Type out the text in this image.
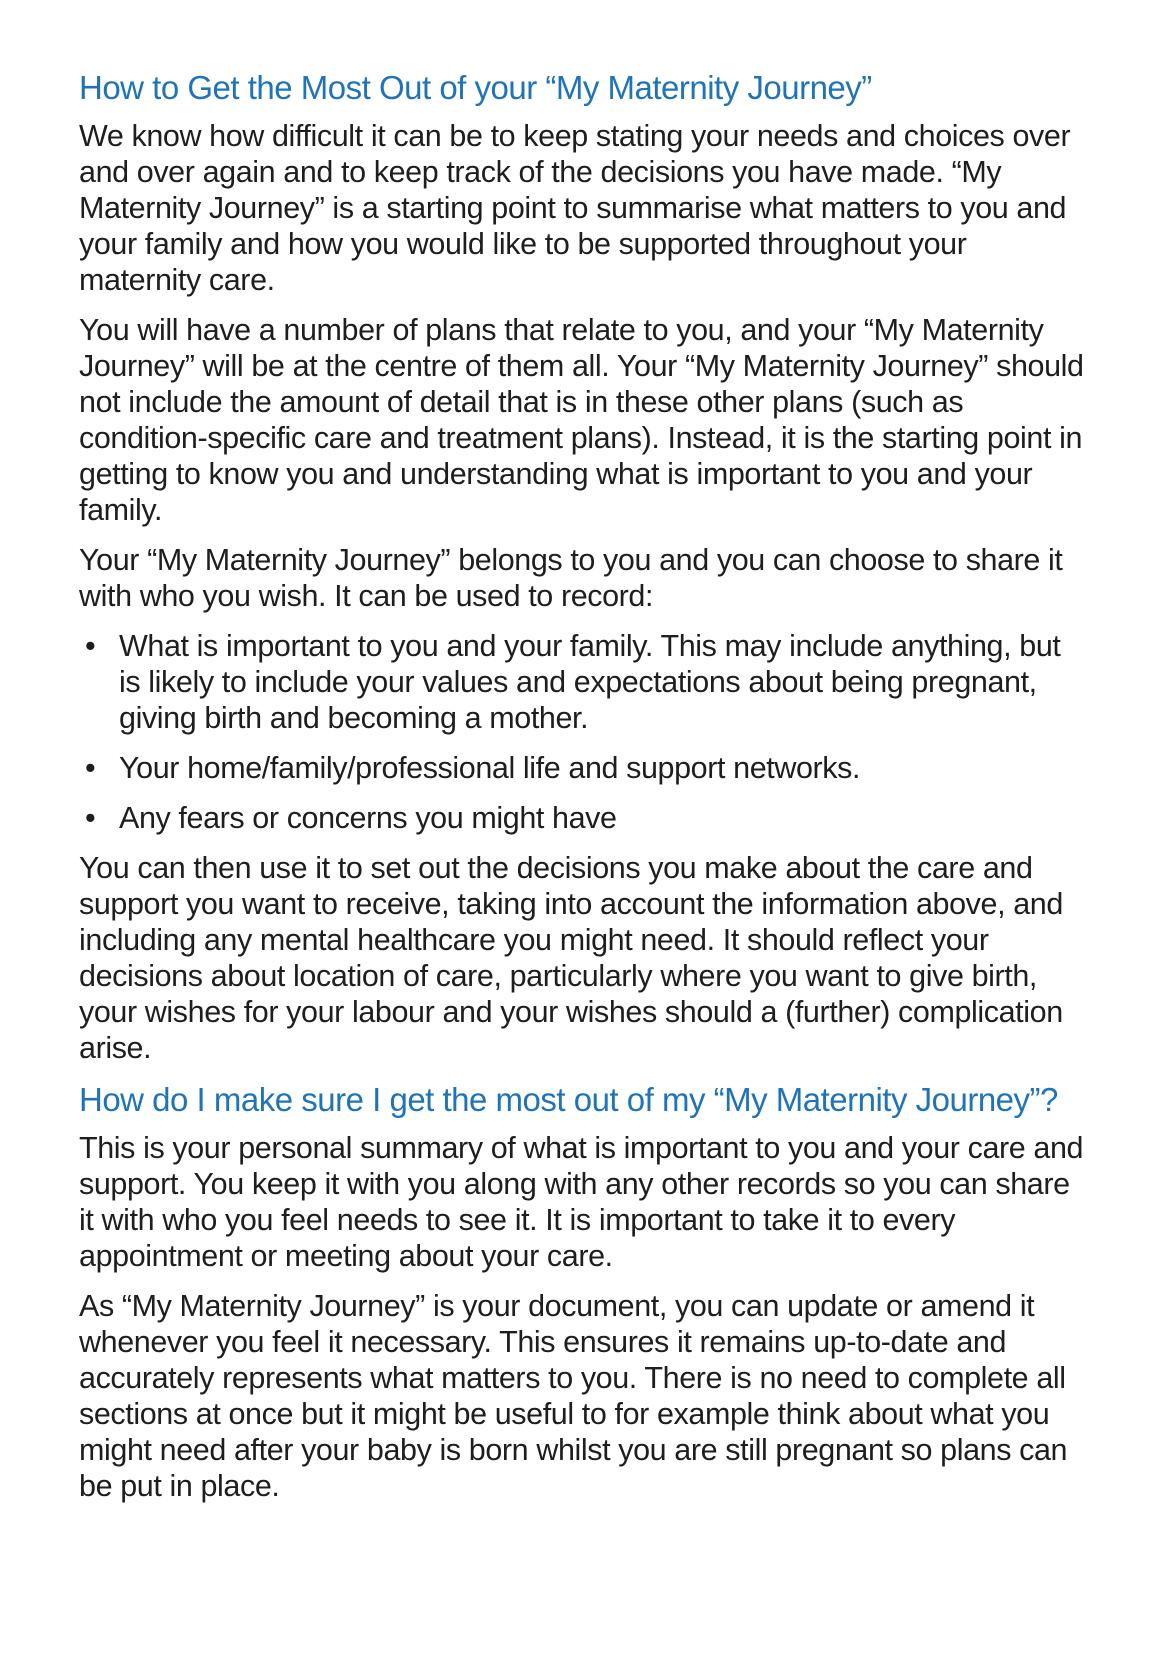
How to Get the Most Out of your “My Maternity Journey”

We know how difficult it can be to keep stating your needs and choices over and over again and to keep track of the decisions you have made. “My Maternity Journey” is a starting point to summarise what matters to you and your family and how you would like to be supported throughout your maternity care.

You will have a number of plans that relate to you, and your “My Maternity Journey” will be at the centre of them all. Your “My Maternity Journey” should not include the amount of detail that is in these other plans (such as condition-specific care and treatment plans). Instead, it is the starting point in getting to know you and understanding what is important to you and your family.

Your “My Maternity Journey” belongs to you and you can choose to share it with who you wish. It can be used to record:

• What is important to you and your family. This may include anything, but is likely to include your values and expectations about being pregnant, giving birth and becoming a mother.
• Your home/family/professional life and support networks.
• Any fears or concerns you might have

You can then use it to set out the decisions you make about the care and support you want to receive, taking into account the information above, and including any mental healthcare you might need. It should reflect your decisions about location of care, particularly where you want to give birth, your wishes for your labour and your wishes should a (further) complication arise.

How do I make sure I get the most out of my “My Maternity Journey”?

This is your personal summary of what is important to you and your care and support. You keep it with you along with any other records so you can share it with who you feel needs to see it. It is important to take it to every appointment or meeting about your care.

As “My Maternity Journey” is your document, you can update or amend it whenever you feel it necessary. This ensures it remains up-to-date and accurately represents what matters to you. There is no need to complete all sections at once but it might be useful to for example think about what you might need after your baby is born whilst you are still pregnant so plans can be put in place.
